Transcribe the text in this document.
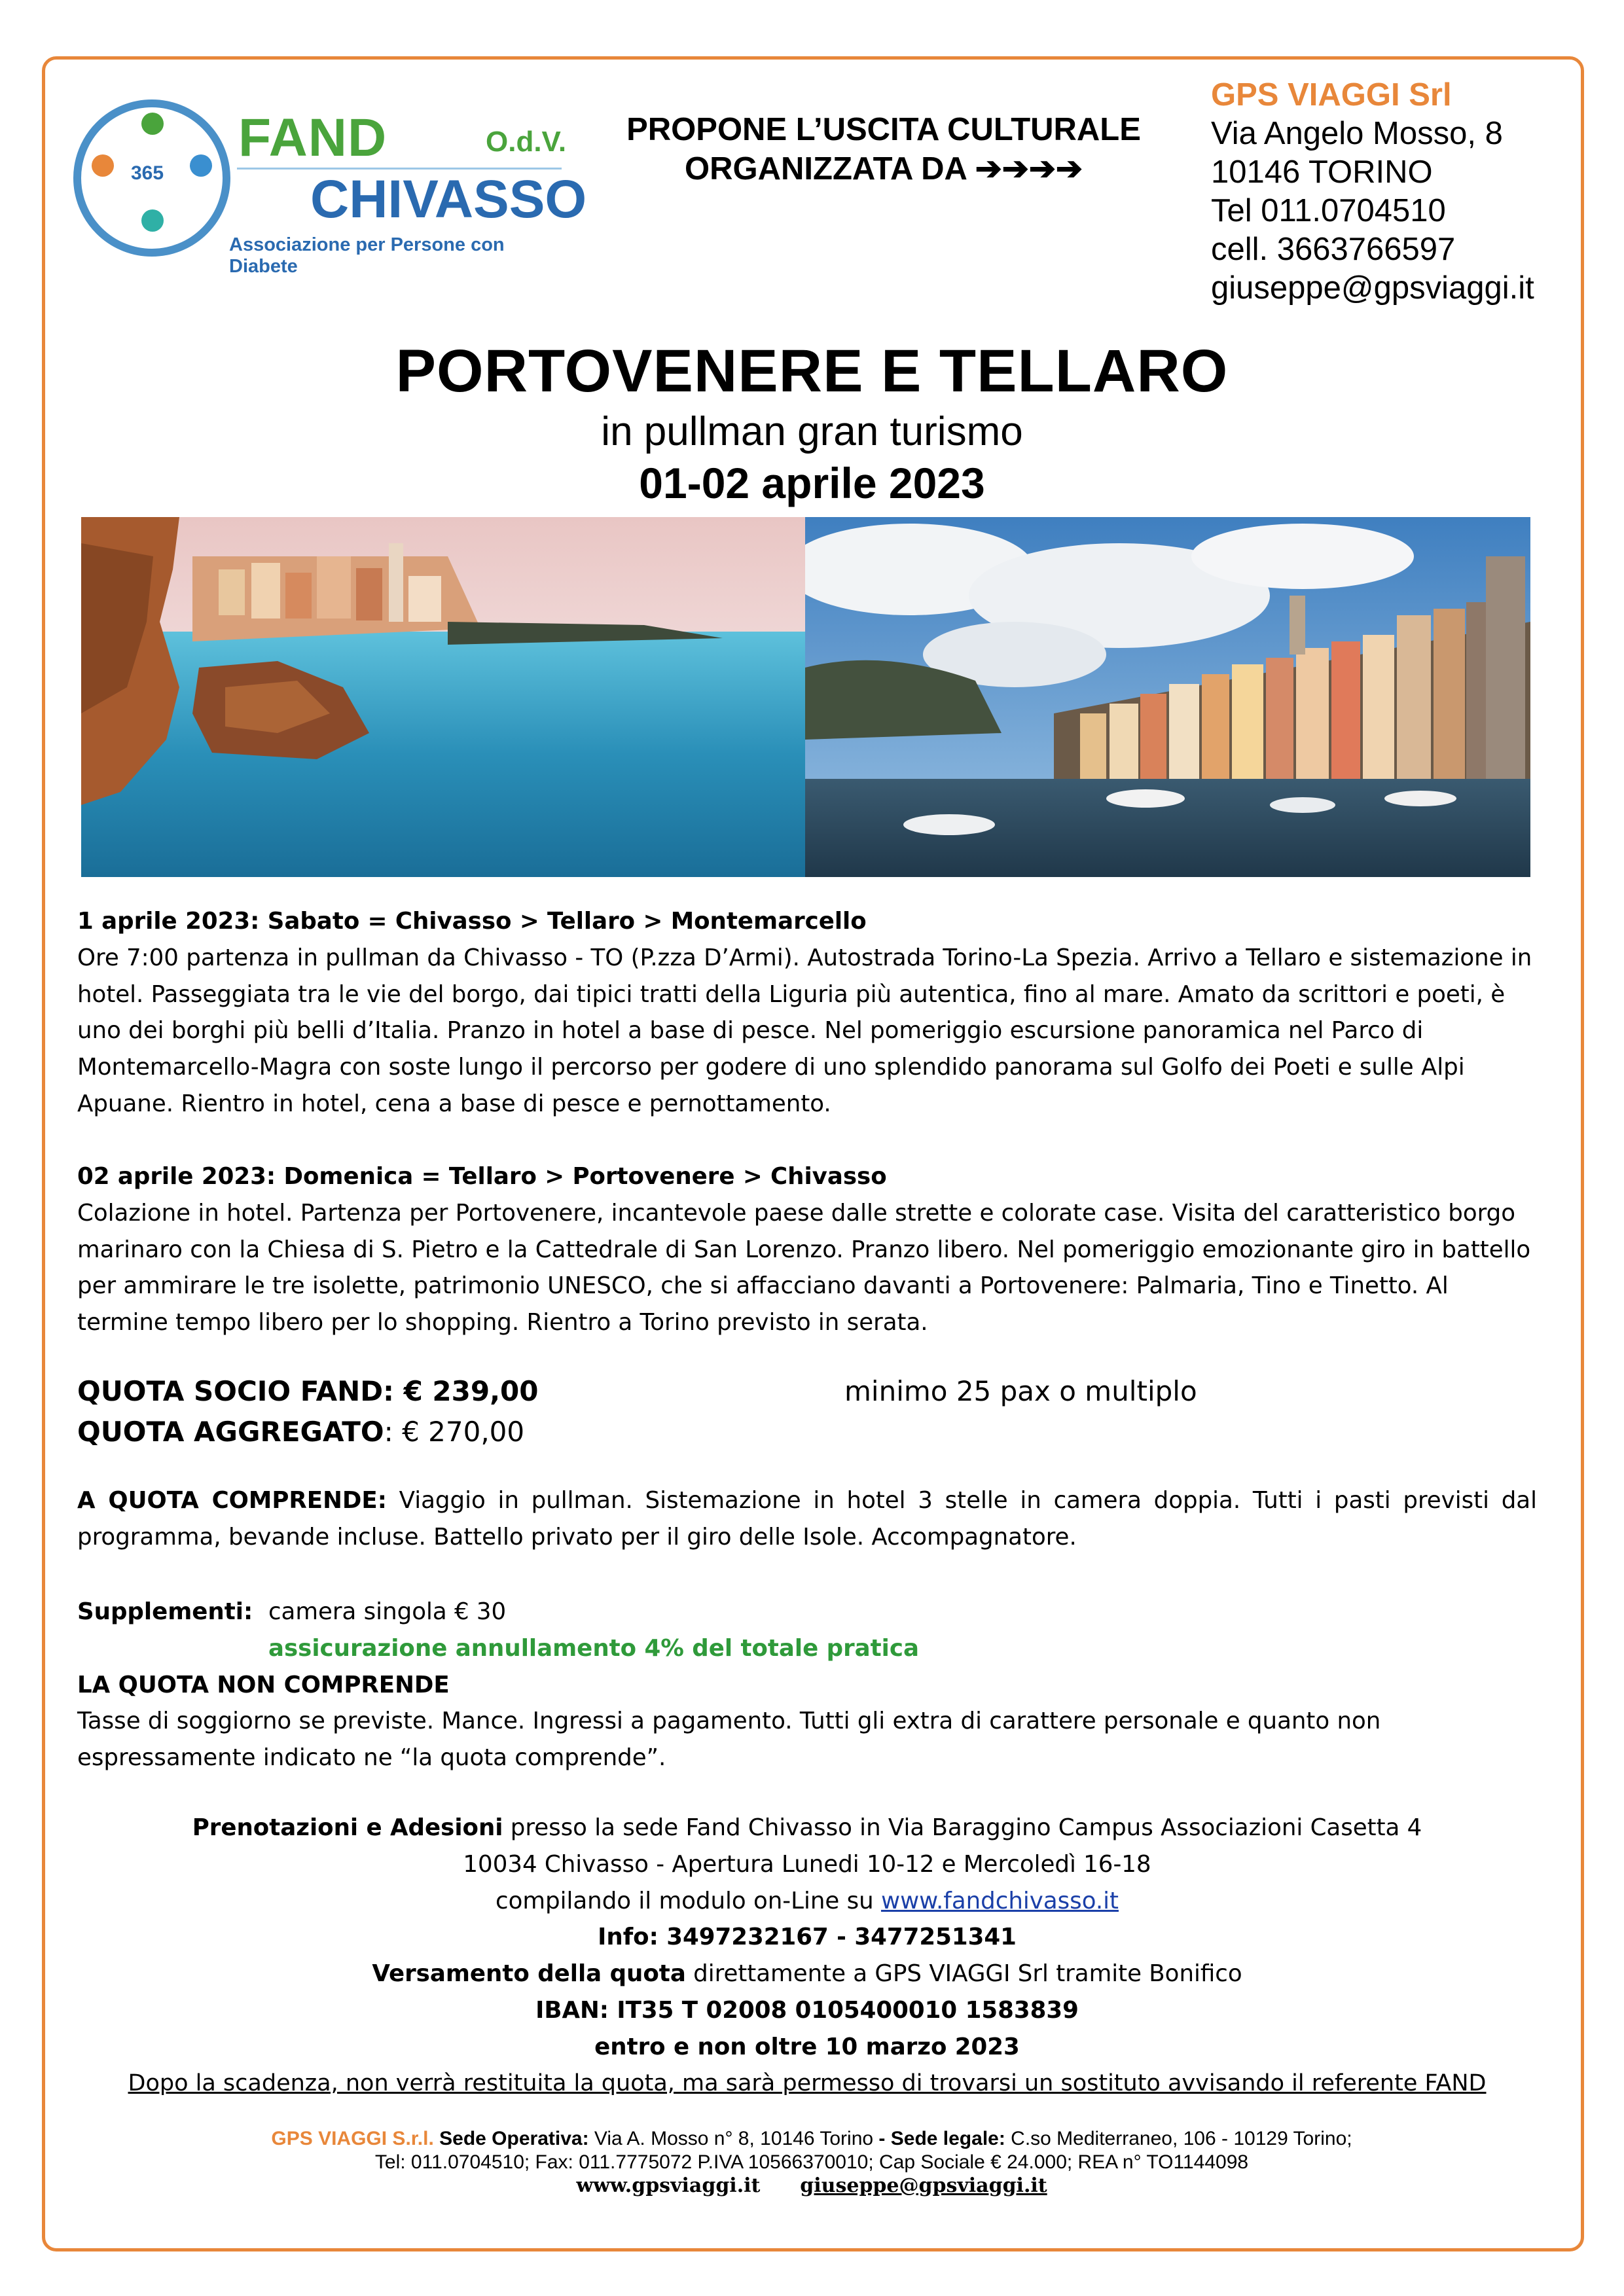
365
FAND	O.d.V.
CHIVASSO
Associazione per Persone con Diabete
PROPONE L’USCITA CULTURALE
ORGANIZZATA DA ➔➔➔➔
GPS VIAGGI Srl
Via Angelo Mosso, 8
10146 TORINO
Tel 011.0704510
cell. 3663766597
giuseppe@gpsviaggi.it
PORTOVENERE E TELLARO
in pullman gran turismo
01-02 aprile 2023
1 aprile 2023: Sabato = Chivasso > Tellaro > Montemarcello
Ore 7:00 partenza in pullman da Chivasso - TO (P.zza D’Armi). Autostrada Torino-La Spezia. Arrivo a Tellaro e sistemazione in hotel. Passeggiata tra le vie del borgo, dai tipici tratti della Liguria più autentica, fino al mare. Amato da scrittori e poeti, è uno dei borghi più belli d’Italia. Pranzo in hotel a base di pesce. Nel pomeriggio escursione panoramica nel Parco di Montemarcello-Magra con soste lungo il percorso per godere di uno splendido panorama sul Golfo dei Poeti e sulle Alpi Apuane. Rientro in hotel, cena a base di pesce e pernottamento.
02 aprile 2023: Domenica = Tellaro > Portovenere > Chivasso
Colazione in hotel. Partenza per Portovenere, incantevole paese dalle strette e colorate case. Visita del caratteristico borgo marinaro con la Chiesa di S. Pietro e la Cattedrale di San Lorenzo. Pranzo libero. Nel pomeriggio emozionante giro in battello per ammirare le tre isolette, patrimonio UNESCO, che si affacciano davanti a Portovenere: Palmaria, Tino e Tinetto. Al termine tempo libero per lo shopping. Rientro a Torino previsto in serata.
QUOTA SOCIO FAND: € 239,00
QUOTA AGGREGATO: € 270,00
minimo 25 pax o multiplo
A QUOTA COMPRENDE: Viaggio in pullman. Sistemazione in hotel 3 stelle in camera doppia. Tutti i pasti previsti dal programma, bevande incluse. Battello privato per il giro delle Isole. Accompagnatore.
Supplementi: camera singola € 30
assicurazione annullamento 4% del totale pratica
LA QUOTA NON COMPRENDE
Tasse di soggiorno se previste. Mance. Ingressi a pagamento. Tutti gli extra di carattere personale e quanto non espressamente indicato ne “la quota comprende”.
Prenotazioni e Adesioni presso la sede Fand Chivasso in Via Baraggino Campus Associazioni Casetta 4
10034 Chivasso - Apertura Lunedi 10-12 e Mercoledì 16-18
compilando il modulo on-Line su www.fandchivasso.it
Info: 3497232167 - 3477251341
Versamento della quota direttamente a GPS VIAGGI Srl tramite Bonifico
IBAN: IT35 T 02008 0105400010 1583839
entro e non oltre 10 marzo 2023
Dopo la scadenza, non verrà restituita la quota, ma sarà permesso di trovarsi un sostituto avvisando il referente FAND
GPS VIAGGI S.r.l. Sede Operativa: Via A. Mosso n° 8, 10146 Torino - Sede legale: C.so Mediterraneo, 106 - 10129 Torino;
Tel: 011.0704510; Fax: 011.7775072 P.IVA 10566370010; Cap Sociale € 24.000; REA n° TO1144098
www.gpsviaggi.it giuseppe@gpsviaggi.it
